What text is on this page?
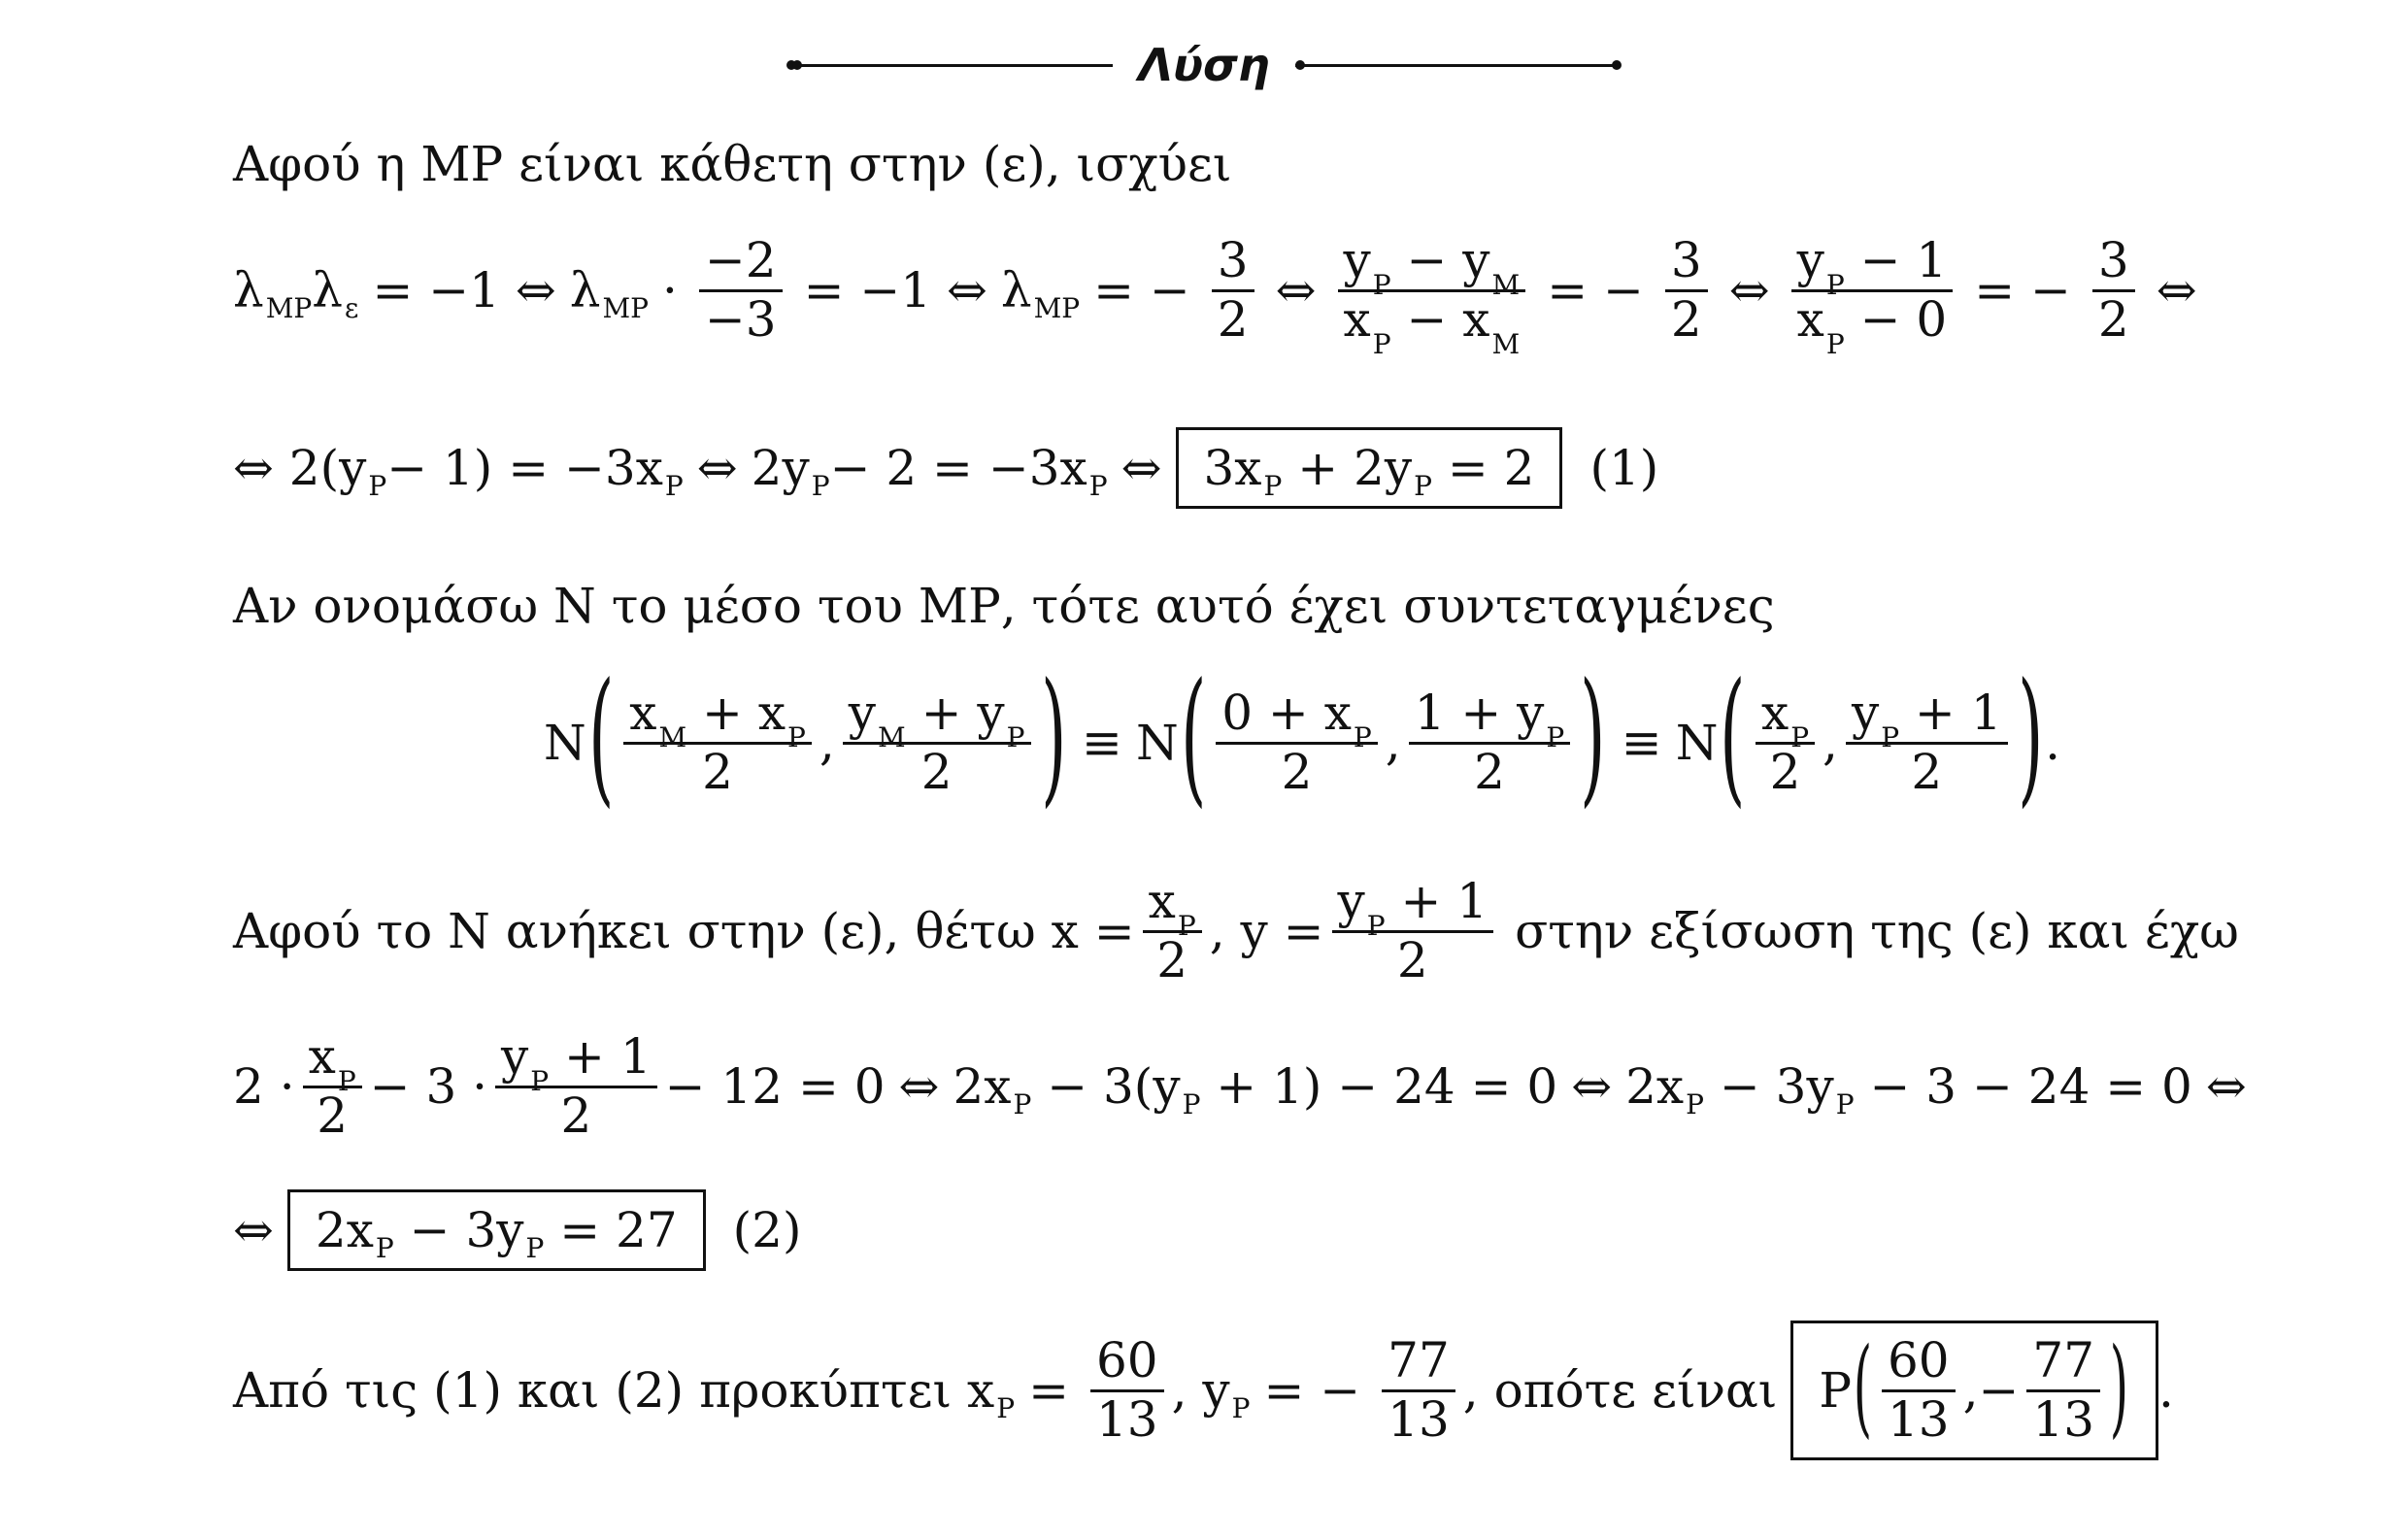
Λύση
Αφού η ΜΡ είναι κάθετη στην (ε), ισχύει
λ ΜΡ λ ε = −1 ⇔ λ $MP \cdot \frac{-2}{-3} = -1$ ⇔ λ ΜΡ = − $\frac{3}{2}$ ⇔ $\frac{y_P - y_M}{x_P - x_M}$ = − $\frac{3}{2}$ ⇔ $\frac{y_P - 1}{x_P - 0}$ = − $\frac{3}{2}$ ⇔
⇔ 2(y P − 1) = −3x P ⇔ 2y P − 2 = −3x P ⇔ 3x P + 2y P = 2	(1)
Αν ονομάσω Ν το μέσο του ΜΡ, τότε αυτό έχει συντεταγμένες
N ( $\frac{x_M + x_P}{2}$ , $\frac{y_M + y_P}{2}$ ) ≡ N ( $\frac{0 + x_P}{2}$ , $\frac{1 + y_P}{2}$ ) ≡ N ( $\frac{x_P}{2}$ , $\frac{y_P + 1}{2}$ ) .
Αφού το Ν ανήκει στην (ε), θέτω $x = \frac{x_P}{2}$ , $y = \frac{y_P + 1}{2}$ στην εξίσωση της (ε) και έχω
$2 \cdot \frac{x_P}{2} - 3 \cdot \frac{y_P + 1}{2} - 12 = 0$ ⇔ 2x P − 3(y P + 1) − 24 = 0 ⇔ 2x P − 3y P − 3 − 24 = 0 ⇔
⇔ 2x P − 3y P = 27	(2)
Από τις (1) και (2) προκύπτει x $P = \frac{60}{13}$ , y P = − $\frac{77}{13}$ , οπότε είναι P ( $\frac{60}{13}$ ,− $\frac{77}{13}$ ) .
